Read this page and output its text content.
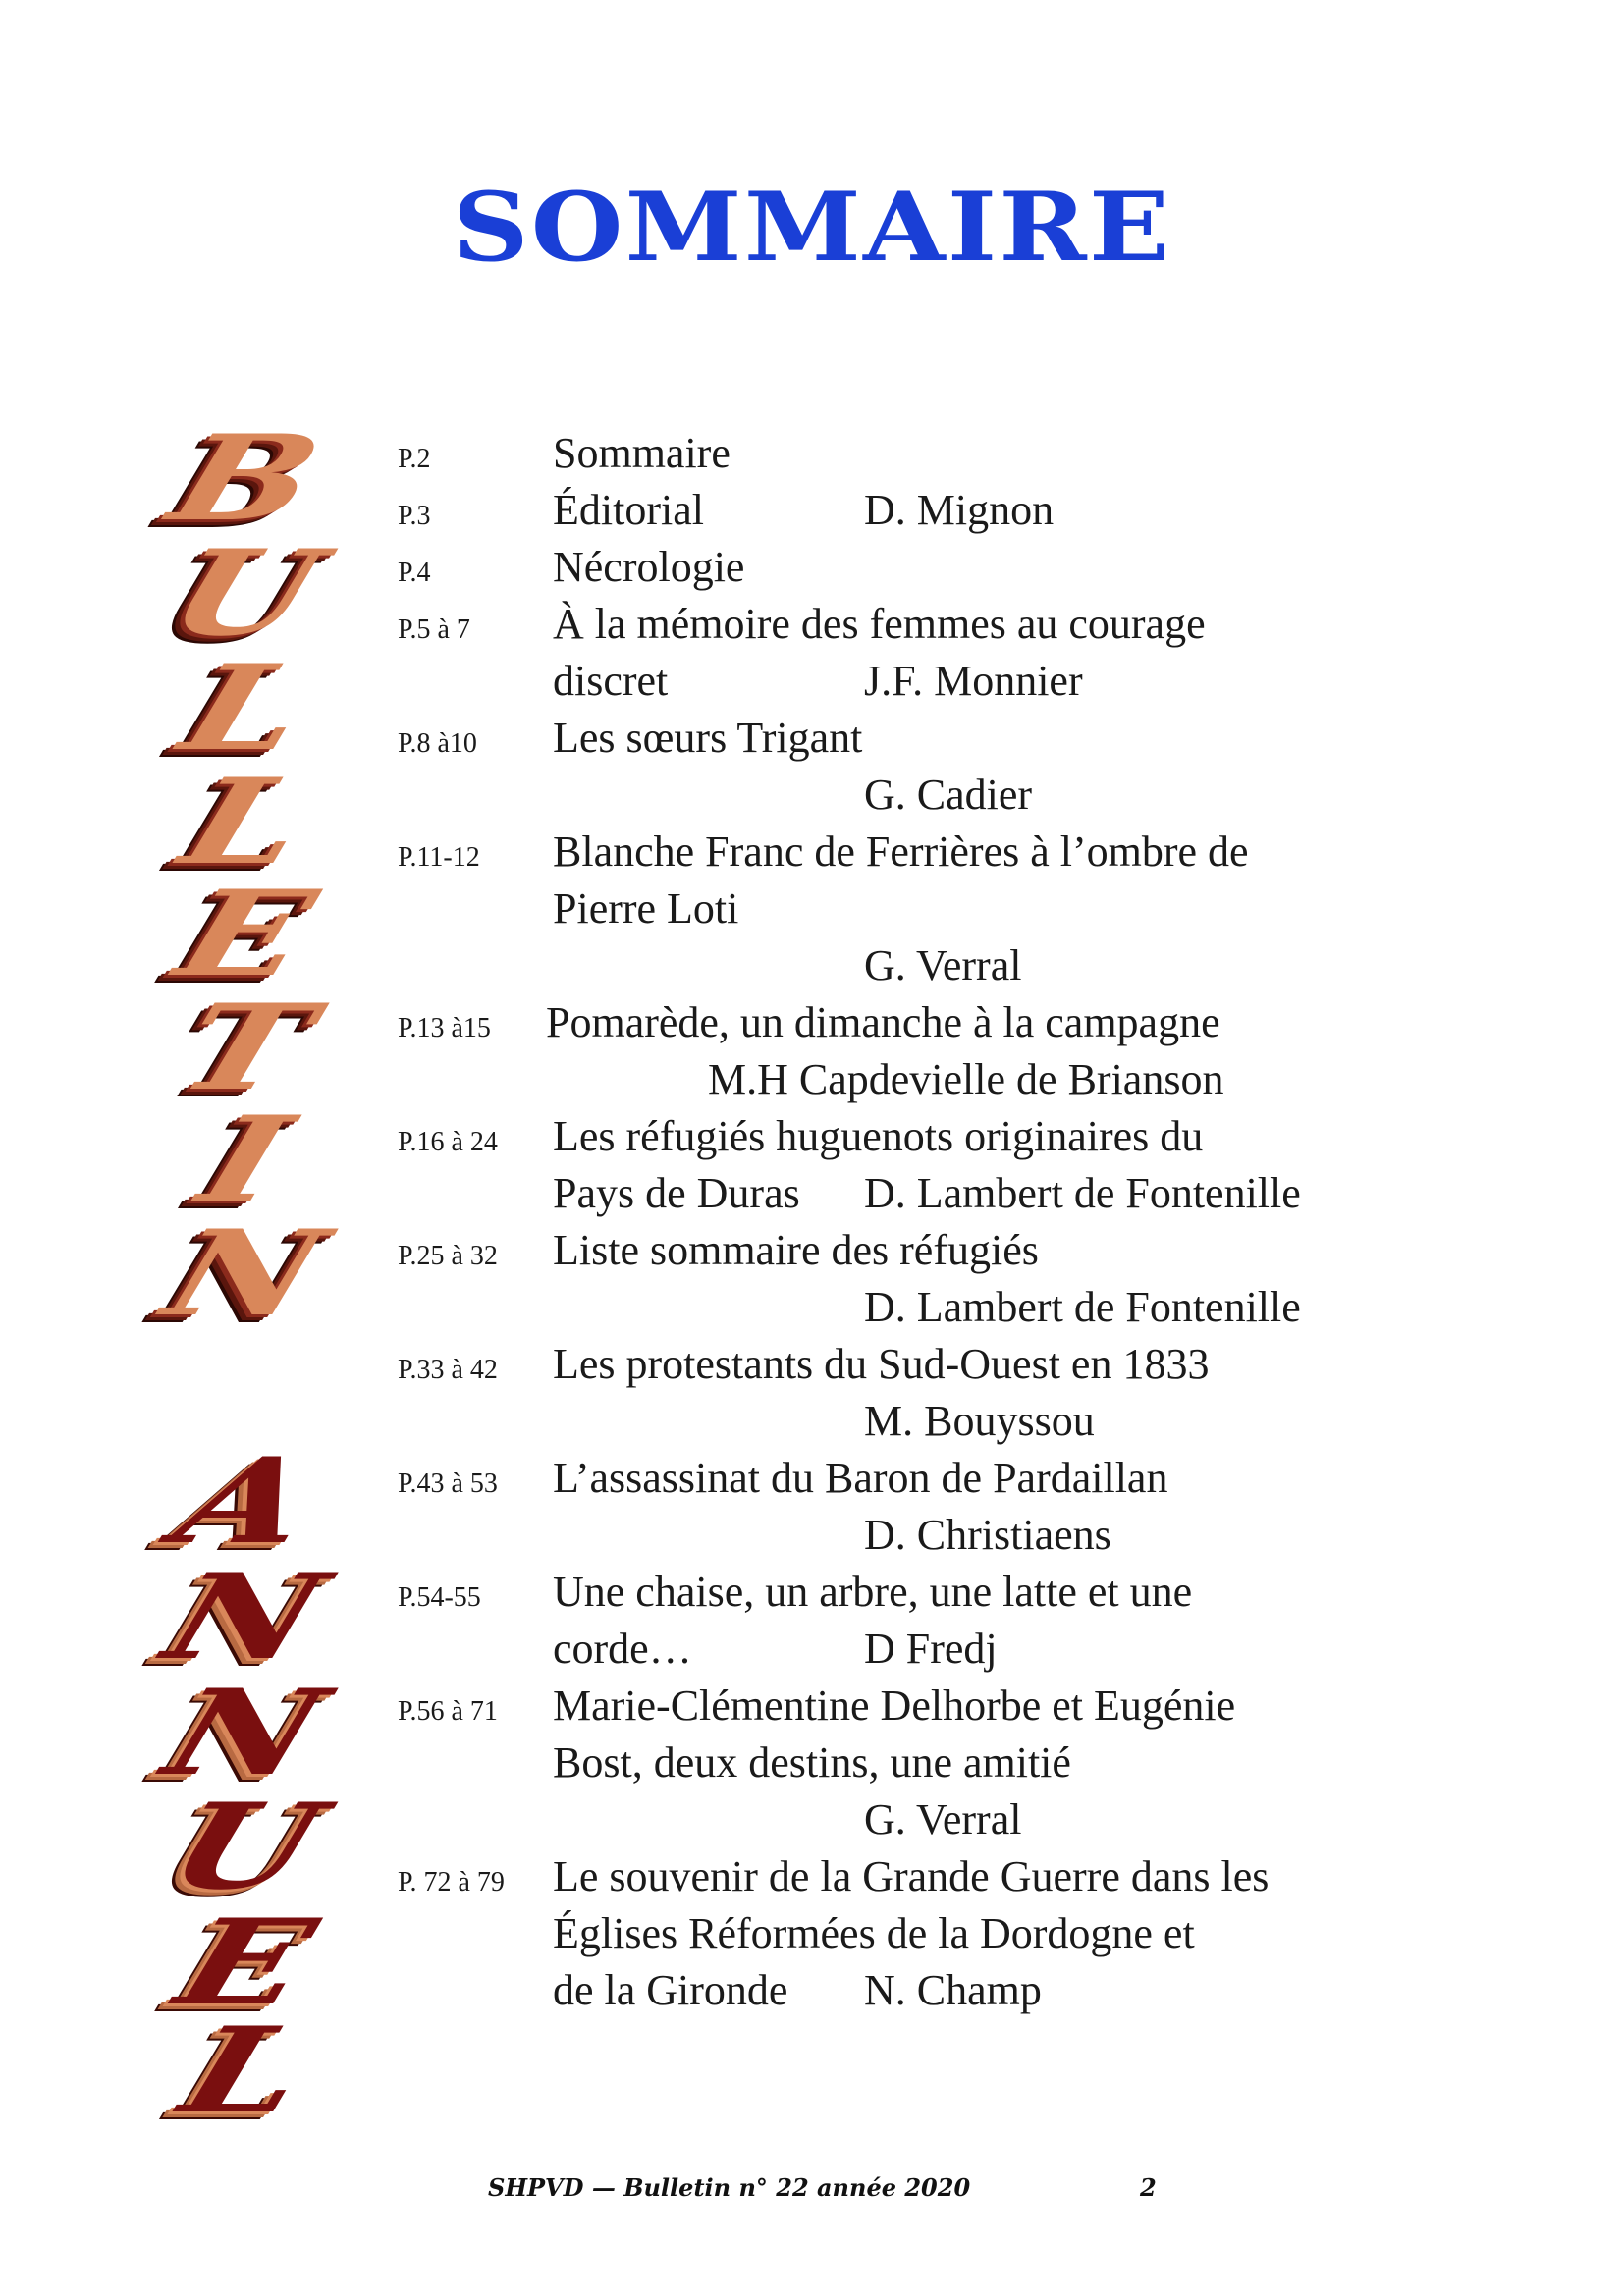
SOMMAIRE
B
U
L
L
E
T
I
N
A
N
N
U
E
L
P.2	Sommaire
P.3	Éditorial	D. Mignon
P.4	Nécrologie
P.5 à 7 À la mémoire des femmes au courage
discret	J.F. Monnier
P.8 à10 Les sœurs Trigant
G. Cadier
P.11-12 Blanche Franc de Ferrières à l’ombre de
Pierre Loti
G. Verral
P.13 à15 Pomarède, un dimanche à la campagne
M.H Capdevielle de Brianson
P.16 à 24 Les réfugiés huguenots originaires du
Pays de Duras D. Lambert de Fontenille
P.25 à 32 Liste sommaire des réfugiés
D. Lambert de Fontenille
P.33 à 42 Les protestants du Sud-Ouest en 1833
M. Bouyssou
P.43 à 53 L’assassinat du Baron de Pardaillan
D. Christiaens
P.54-55 Une chaise, un arbre, une latte et une
corde…	D Fredj
P.56 à 71 Marie-Clémentine Delhorbe et Eugénie
Bost, deux destins, une amitié
G. Verral
P. 72 à 79 Le souvenir de la Grande Guerre dans les
Églises Réformées de la Dordogne et
de la Gironde N. Champ
SHPVD — Bulletin n° 22 année 2020	2
